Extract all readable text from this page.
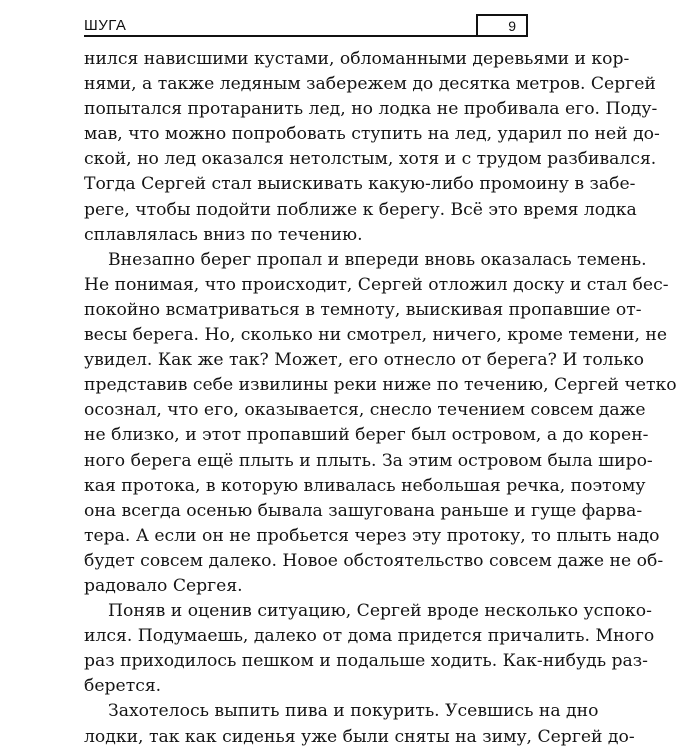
ШУГА	9
нился нависшими кустами, обломанными деревьями и кор-
нями, а также ледяным забережем до десятка метров. Сергей
попытался протаранить лед, но лодка не пробивала его. Поду-
мав, что можно попробовать ступить на лед, ударил по ней до-
ской, но лед оказался нетолстым, хотя и с трудом разбивался.
Тогда Сергей стал выискивать какую-либо промоину в забе-
реге, чтобы подойти поближе к берегу. Всё это время лодка
сплавлялась вниз по течению.
Внезапно берег пропал и впереди вновь оказалась темень.
Не понимая, что происходит, Сергей отложил доску и стал бес-
покойно всматриваться в темноту, выискивая пропавшие от-
весы берега. Но, сколько ни смотрел, ничего, кроме темени, не
увидел. Как же так? Может, его отнесло от берега? И только
представив себе извилины реки ниже по течению, Сергей четко
осознал, что его, оказывается, снесло течением совсем даже
не близко, и этот пропавший берег был островом, а до корен-
ного берега ещё плыть и плыть. За этим островом была широ-
кая протока, в которую вливалась небольшая речка, поэтому
она всегда осенью бывала зашугована раньше и гуще фарва-
тера. А если он не пробьется через эту протоку, то плыть надо
будет совсем далеко. Новое обстоятельство совсем даже не об-
радовало Сергея.
Поняв и оценив ситуацию, Сергей вроде несколько успоко-
ился. Подумаешь, далеко от дома придется причалить. Много
раз приходилось пешком и подальше ходить. Как-нибудь раз-
берется.
Захотелось выпить пива и покурить. Усевшись на дно
лодки, так как сиденья уже были сняты на зиму, Сергей до-
